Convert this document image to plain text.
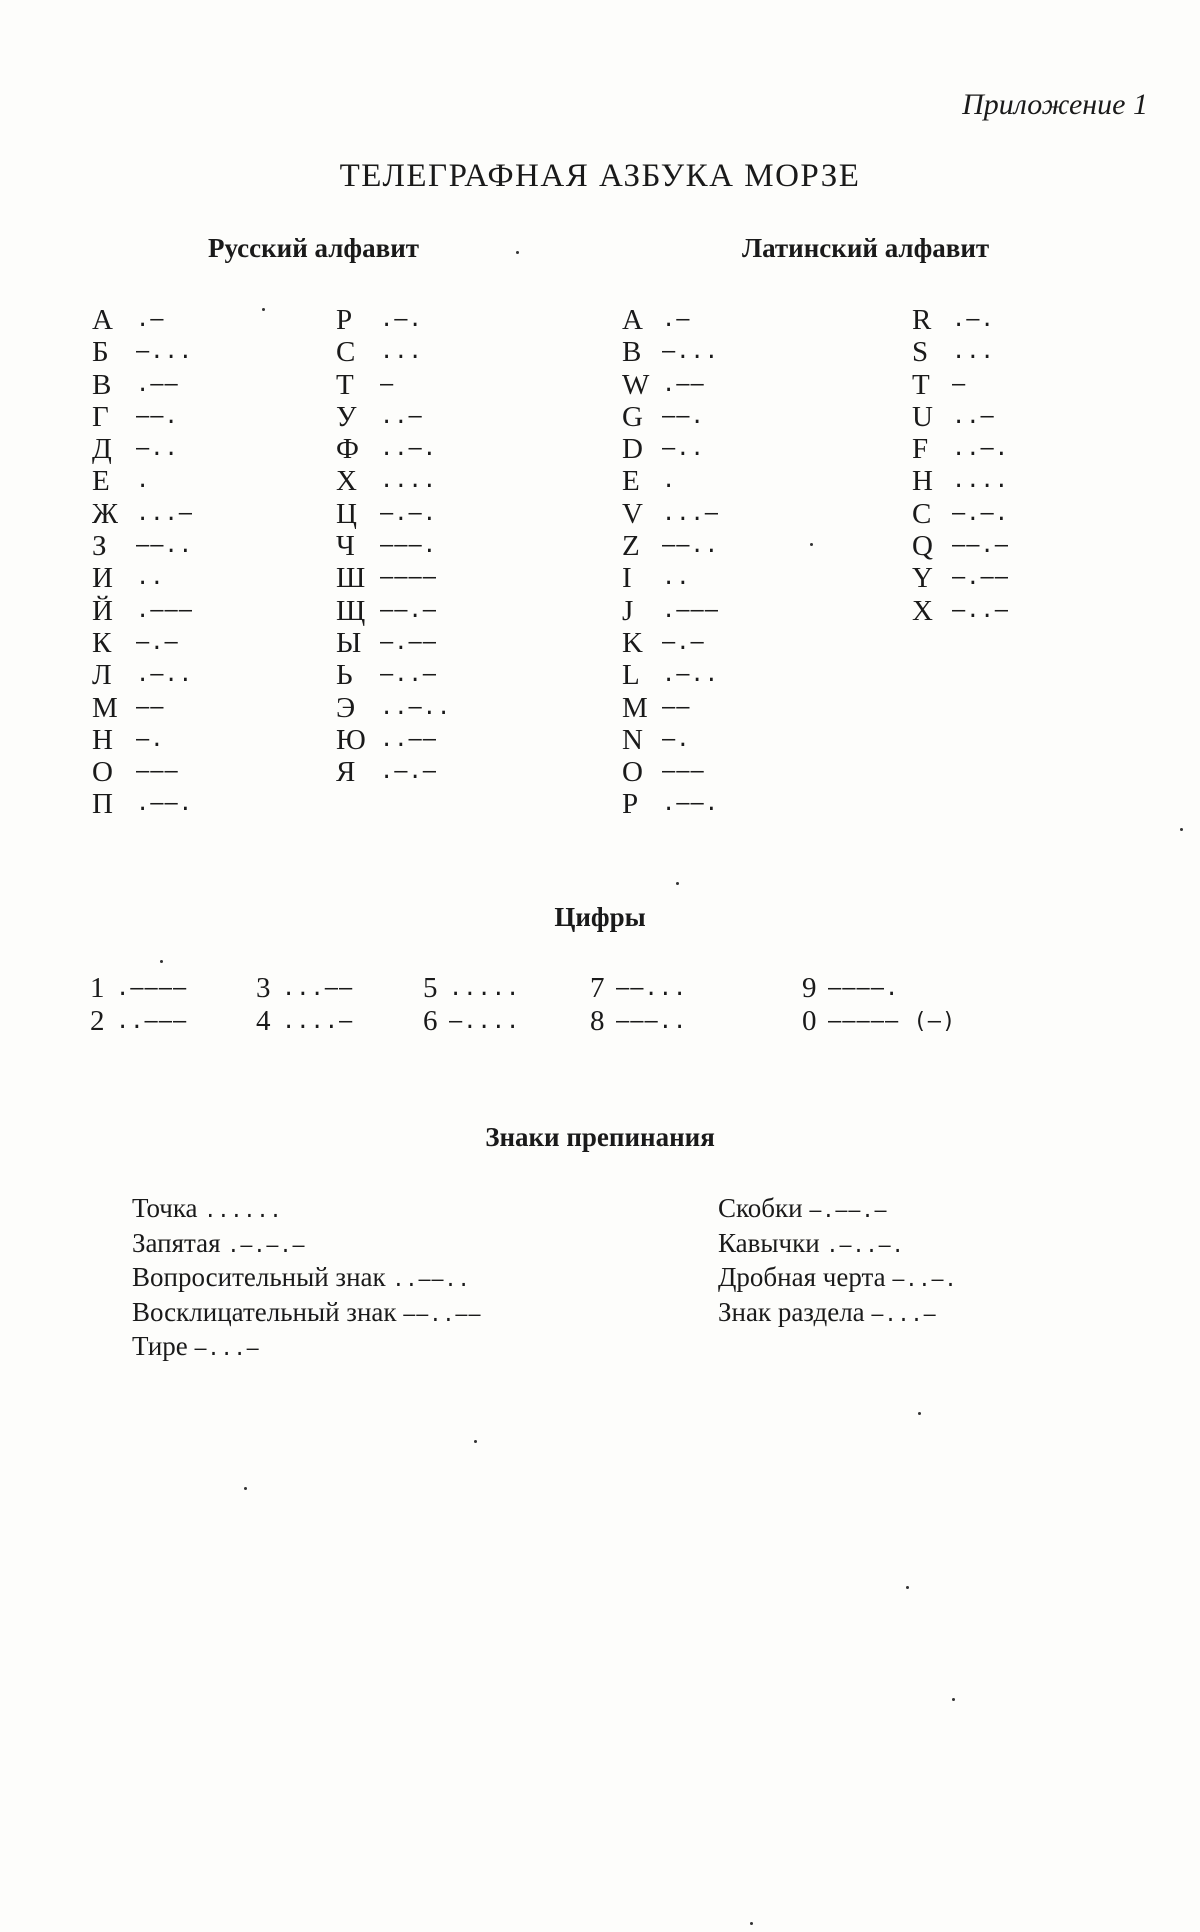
Приложение 1
ТЕЛЕГРАФНАЯ АЗБУКА МОРЗЕ
Русский алфавит	Латинский алфавит
А	.—
Б	—...
В	.——
Г	——.
Д	—..
Е	.
Ж ...—
З	——..
И	..
Й	.———
К	—.—
Л	.—..
М ——
Н	—.
О	———
П	.——.
Р	.—.
С	...
Т	—
У	..—
Ф ..—.
Х	....
Ц	—.—.
Ч	———.
Ш ————
Щ ——.—
Ы —.——
Ь	—..—
Э	..—..
Ю ..——
Я	.—.—
A .—
B —...
W .——
G ——.
D —..
E	.
V ...—
Z	——..
I	..
J	.———
K —.—
L	.—..
M ——
N —.
O ———
P	.——.
R .—.
S	...
T	—
U ..—
F	..—.
H ....
C —.—.
Q ——.—
Y —.——
X —..—
Цифры
1 .———— 3 ...—— 5 ..... 7 ——...	9 ————.
2 ..——— 4 ....— 6 —.... 8 ———..	0 ————— (—)
Знаки препинания
Точка ......
Запятая .—.—.—
Вопросительный знак ..——..
Восклицательный знак ——..——
Тире —...—
Скобки —.——.—
Кавычки .—..—.
Дробная черта —..—.
Знак раздела —...—
